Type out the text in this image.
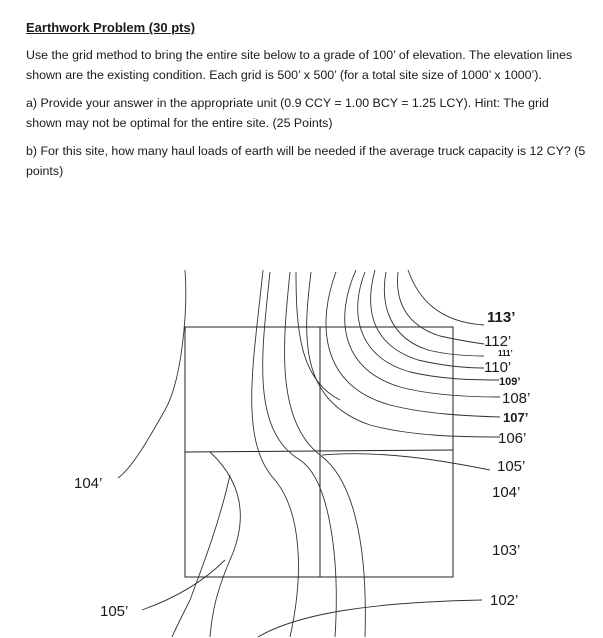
Earthwork Problem (30 pts)

Use the grid method to bring the entire site below to a grade of 100’ of elevation. The elevation lines shown are the existing condition. Each grid is 500’ x 500’ (for a total site size of 1000’ x 1000’).

a) Provide your answer in the appropriate unit (0.9 CCY = 1.00 BCY = 1.25 LCY). Hint: The grid shown may not be optimal for the entire site. (25 Points)

b) For this site, how many haul loads of earth will be needed if the average truck capacity is 12 CY? (5 points)

113’
112’
111’
110’
109’
108’
107’
106’
105’
104’
103’
102’
104’
105’
